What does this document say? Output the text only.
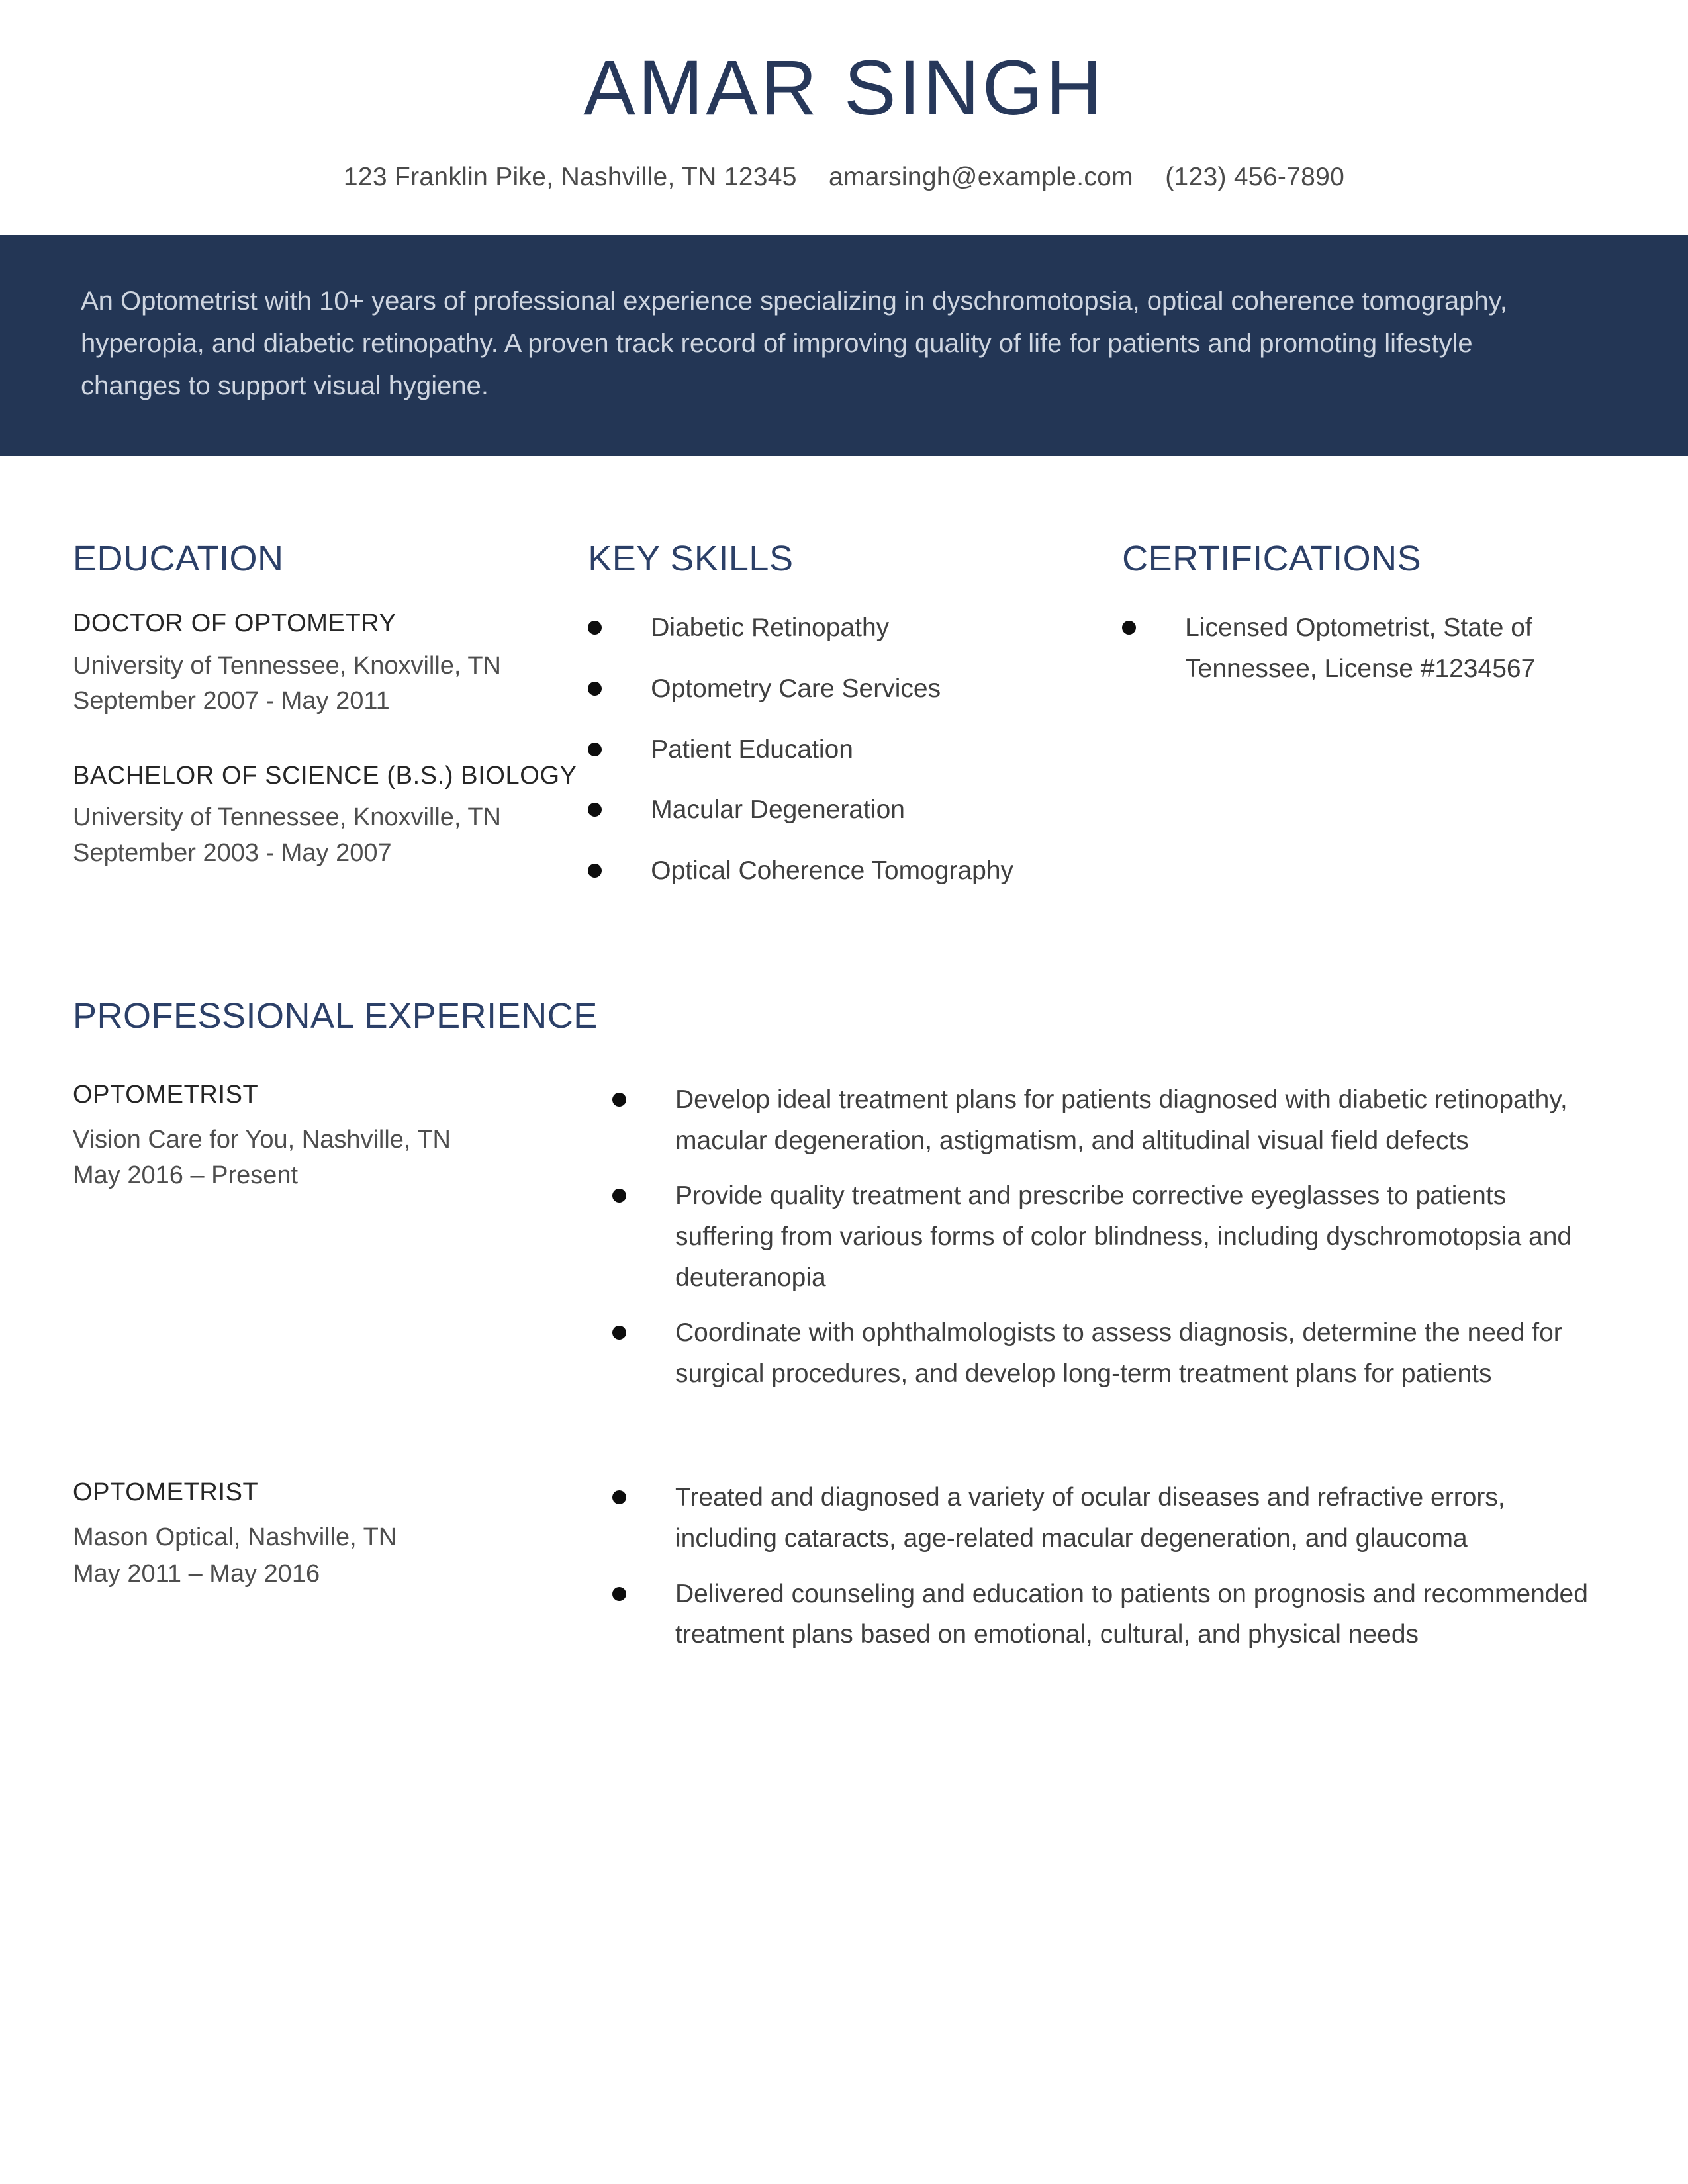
AMAR SINGH
123 Franklin Pike, Nashville, TN 12345 amarsingh@example.com (123) 456-7890
An Optometrist with 10+ years of professional experience specializing in dyschromotopsia, optical coherence tomography, hyperopia, and diabetic retinopathy. A proven track record of improving quality of life for patients and promoting lifestyle changes to support visual hygiene.
EDUCATION
DOCTOR OF OPTOMETRY
University of Tennessee, Knoxville, TN
September 2007 - May 2011
BACHELOR OF SCIENCE (B.S.) BIOLOGY
University of Tennessee, Knoxville, TN
September 2003 - May 2007
KEY SKILLS
Diabetic Retinopathy
Optometry Care Services
Patient Education
Macular Degeneration
Optical Coherence Tomography
CERTIFICATIONS
Licensed Optometrist, State of Tennessee, License #1234567
PROFESSIONAL EXPERIENCE
OPTOMETRIST
Vision Care for You, Nashville, TN
May 2016 – Present
Develop ideal treatment plans for patients diagnosed with diabetic retinopathy, macular degeneration, astigmatism, and altitudinal visual field defects
Provide quality treatment and prescribe corrective eyeglasses to patients suffering from various forms of color blindness, including dyschromotopsia and deuteranopia
Coordinate with ophthalmologists to assess diagnosis, determine the need for surgical procedures, and develop long-term treatment plans for patients
OPTOMETRIST
Mason Optical, Nashville, TN
May 2011 – May 2016
Treated and diagnosed a variety of ocular diseases and refractive errors, including cataracts, age-related macular degeneration, and glaucoma
Delivered counseling and education to patients on prognosis and recommended treatment plans based on emotional, cultural, and physical needs
